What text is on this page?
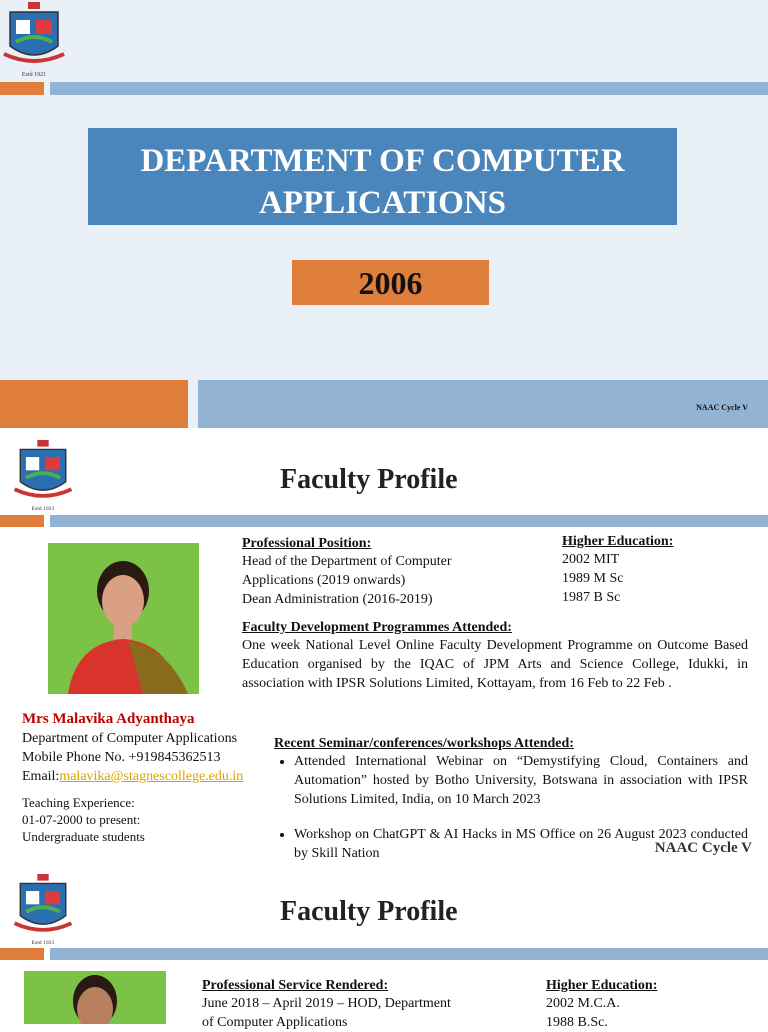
Estd 1921
DEPARTMENT OF COMPUTER
APPLICATIONS
2006
NAAC Cycle V
Estd 1921
Faculty Profile
Mrs Malavika Adyanthaya
Department of Computer Applications
Mobile Phone No. +919845362513
Email:malavika@stagnescollege.edu.in
Teaching Experience:
01-07-2000 to present:
Undergraduate students
Professional Position:
Head of the Department of Computer
Applications (2019 onwards)
Dean Administration (2016-2019)
Higher Education:
2002 MIT
1989 M Sc
1987 B Sc
Faculty Development Programmes Attended:
One week National Level Online Faculty Development Programme on Outcome Based Education organised by the IQAC of JPM Arts and Science College, Idukki, in association with IPSR Solutions Limited, Kottayam, from 16 Feb to 22 Feb .
Recent Seminar/conferences/workshops Attended:
• Attended International Webinar on “Demystifying Cloud, Containers and Automation” hosted by Botho University, Botswana in association with IPSR Solutions Limited, India, on 10 March 2023
• Workshop on ChatGPT & AI Hacks in MS Office on 26 August 2023 conducted by Skill Nation	NAAC Cycle V
Estd 1921
Faculty Profile
Professional Service Rendered:
June 2018 – April 2019 – HOD, Department
of Computer Applications
Higher Education:
2002 M.C.A.
1988 B.Sc.
